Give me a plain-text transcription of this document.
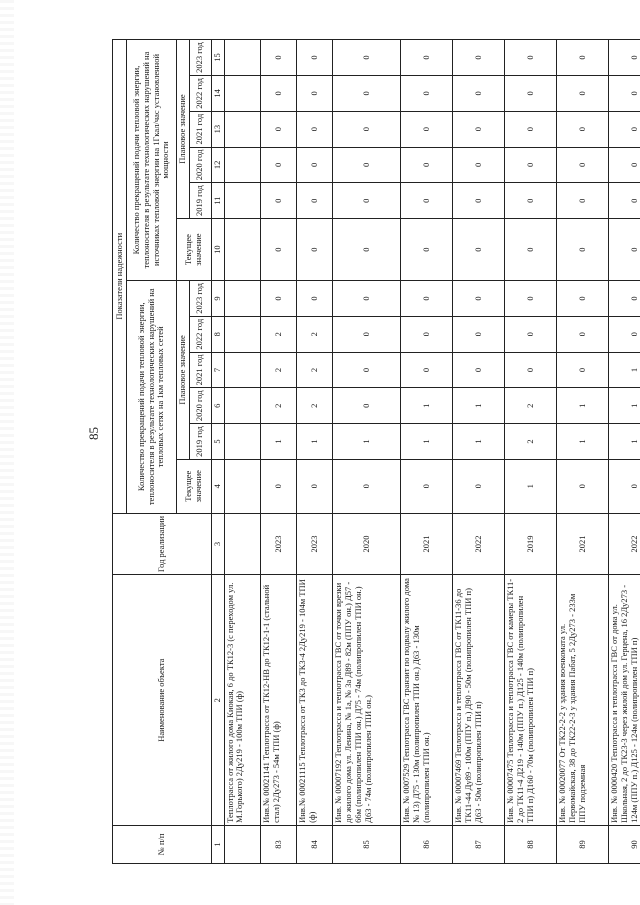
85
№ п/п	Наименование объекта	Год реализации	Показатели надежности											
			Количество прекращений подачи тепловой энергии, теплоносителя в результате технологических нарушений на тепловых сетях на 1км тепловых сетей						Количество прекращений подачи тепловой энергии, теплоносителя в результате технологических нарушений на источниках тепловой энергии на 1Гкал/час установленной мощности					
			Текущее значение	Плановое значение					Текущее значение	Плановое значение				
				2019 год	2020 год	2021 год	2022 год	2023 год		2019 год	2020 год	2021 год	2022 год	2023 год
1	2	3	4	5	6	7	8	9	10	11	12	13	14	15
	Теплотрасса от жилого дома Киокая, 6 до ТК12-3 (с переходом ул. М.Горького) 2Ду219 - 100м ТПИ (ф)													
83	Инв.№ 00021141 Теплотрасса от ТК12-НВ до ТК12-1-1 (стальной стал) 2Ду273 - 54м ТПИ (ф)	2023	0	1	2	2	2	0	0	0	0	0	0	0
84	Инв.№ 00021115 Теплотрасса от ТК3 до ТК3-4 2Ду219 - 104м ТПИ (ф)	2023	0	1	2	2	2	0	0	0	0	0	0	0
85	Инв. № 00007192 Теплотрасса и теплотрасса ГВС от точки врезки до жилого дома ул. Ленина, № 1а, № 3а Д89 - 82м (ППУ он.) Д57 - 66м (полипропилен ТПИ он.) Д75 - 74м (полипропилен ТПИ он.) Д63 - 74м (полипропилен ТПИ он.)	2020	0	1	0	0	0	0	0	0	0	0	0	0
86	Инв. № 0007529 Теплотрасса ГВС транзит по подвалу жилого дома № 13) Д75 - 130м (полипропилен ТПИ он.) Д63 - 130м (полипропилен ТПИ он.)	2021	0	1	1	0	0	0	0	0	0	0	0	0
87	Инв. № 00007469 Теплотрасса и теплотрасса ГВС от ТК11-36 до ТК11-44 Ду89 - 100м (ППУ п.) Д90 - 50м (полипропилен ТПИ п) Д63 - 50м (полипропилен ТПИ п)	2022	0	1	1	0	0	0	0	0	0	0	0	0
88	Инв. № 00007475 Теплотрасса и теплотрасса ГВС от камеры ТК11-2 до ТК11-4 Д219 - 140м (ППУ п.) Д125 - 140м (полипропилен ТПИ п) Д160 - 70м (полипропилен ТПИ п)	2019	1	2	2	0	0	0	0	0	0	0	0	0
89	Инв. № 00020077 От ТК22-2-2 у здания военкомата ул. Первомайская, 38 до ТК22-2-3 у здания Пабат, 5 2Ду273 - 233м ППУ подземная	2021	0	1	1	0	0	0	0	0	0	0	0	0
90	Инв. № 0000420 Теплотрасса и теплотрасса ГВС от дома ул. Школьная, 2 до ТК23-3 через жилой дом ул. Герцена, 16 2Ду273 - 124м (ППУ п.) Д125 - 124м (полипропилен ТПИ п)	2022	0	1	1	1	0	0	0	0	0	0	0	0
